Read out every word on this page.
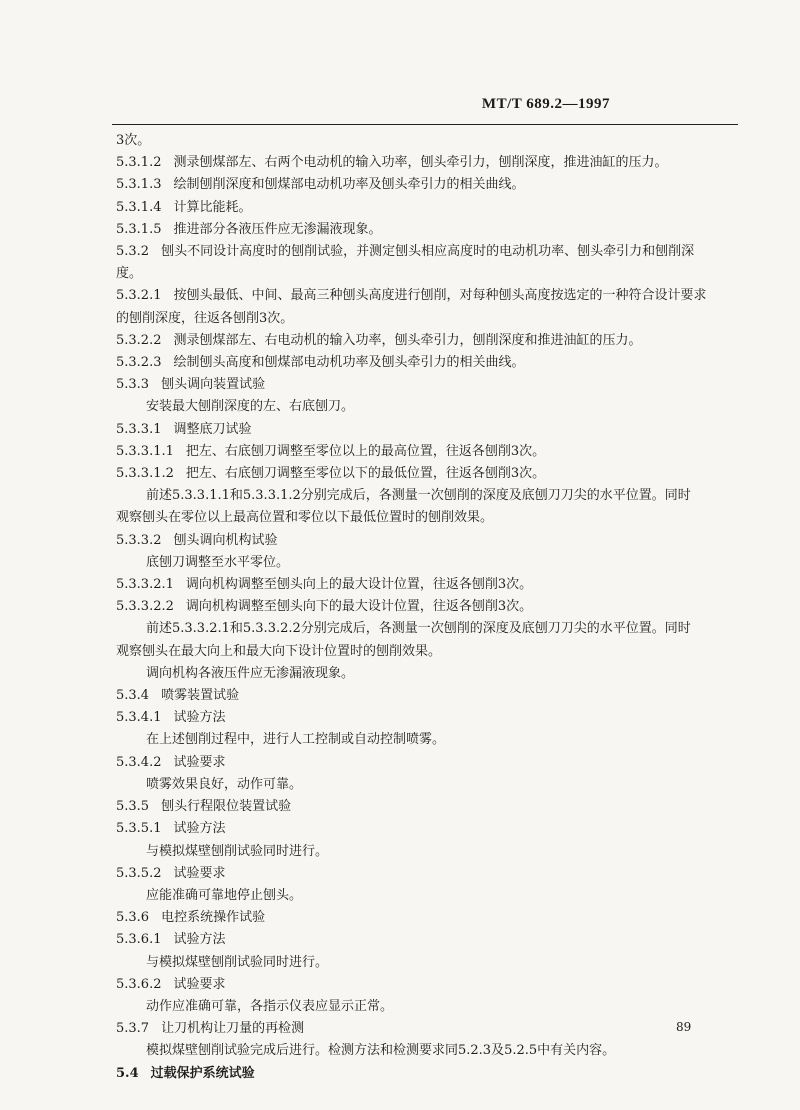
MT/T 689.2—1997
3次。
5.3.1.2 测录刨煤部左、右两个电动机的输入功率，刨头牵引力，刨削深度，推进油缸的压力。
5.3.1.3 绘制刨削深度和刨煤部电动机功率及刨头牵引力的相关曲线。
5.3.1.4 计算比能耗。
5.3.1.5 推进部分各液压件应无渗漏液现象。
5.3.2 刨头不同设计高度时的刨削试验，并测定刨头相应高度时的电动机功率、刨头牵引力和刨削深
度。
5.3.2.1 按刨头最低、中间、最高三种刨头高度进行刨削，对每种刨头高度按选定的一种符合设计要求
的刨削深度，往返各刨削3次。
5.3.2.2 测录刨煤部左、右电动机的输入功率，刨头牵引力，刨削深度和推进油缸的压力。
5.3.2.3 绘制刨头高度和刨煤部电动机功率及刨头牵引力的相关曲线。
5.3.3 刨头调向装置试验
安装最大刨削深度的左、右底刨刀。
5.3.3.1 调整底刀试验
5.3.3.1.1 把左、右底刨刀调整至零位以上的最高位置，往返各刨削3次。
5.3.3.1.2 把左、右底刨刀调整至零位以下的最低位置，往返各刨削3次。
前述5.3.3.1.1和5.3.3.1.2分别完成后，各测量一次刨削的深度及底刨刀刀尖的水平位置。同时
观察刨头在零位以上最高位置和零位以下最低位置时的刨削效果。
5.3.3.2 刨头调向机构试验
底刨刀调整至水平零位。
5.3.3.2.1 调向机构调整至刨头向上的最大设计位置，往返各刨削3次。
5.3.3.2.2 调向机构调整至刨头向下的最大设计位置，往返各刨削3次。
前述5.3.3.2.1和5.3.3.2.2分别完成后，各测量一次刨削的深度及底刨刀刀尖的水平位置。同时
观察刨头在最大向上和最大向下设计位置时的刨削效果。
调向机构各液压件应无渗漏液现象。
5.3.4 喷雾装置试验
5.3.4.1 试验方法
在上述刨削过程中，进行人工控制或自动控制喷雾。
5.3.4.2 试验要求
喷雾效果良好，动作可靠。
5.3.5 刨头行程限位装置试验
5.3.5.1 试验方法
与模拟煤壁刨削试验同时进行。
5.3.5.2 试验要求
应能准确可靠地停止刨头。
5.3.6 电控系统操作试验
5.3.6.1 试验方法
与模拟煤壁刨削试验同时进行。
5.3.6.2 试验要求
动作应准确可靠，各指示仪表应显示正常。
5.3.7 让刀机构让刀量的再检测
模拟煤壁刨削试验完成后进行。检测方法和检测要求同5.2.3及5.2.5中有关内容。
5.4 过载保护系统试验
89
